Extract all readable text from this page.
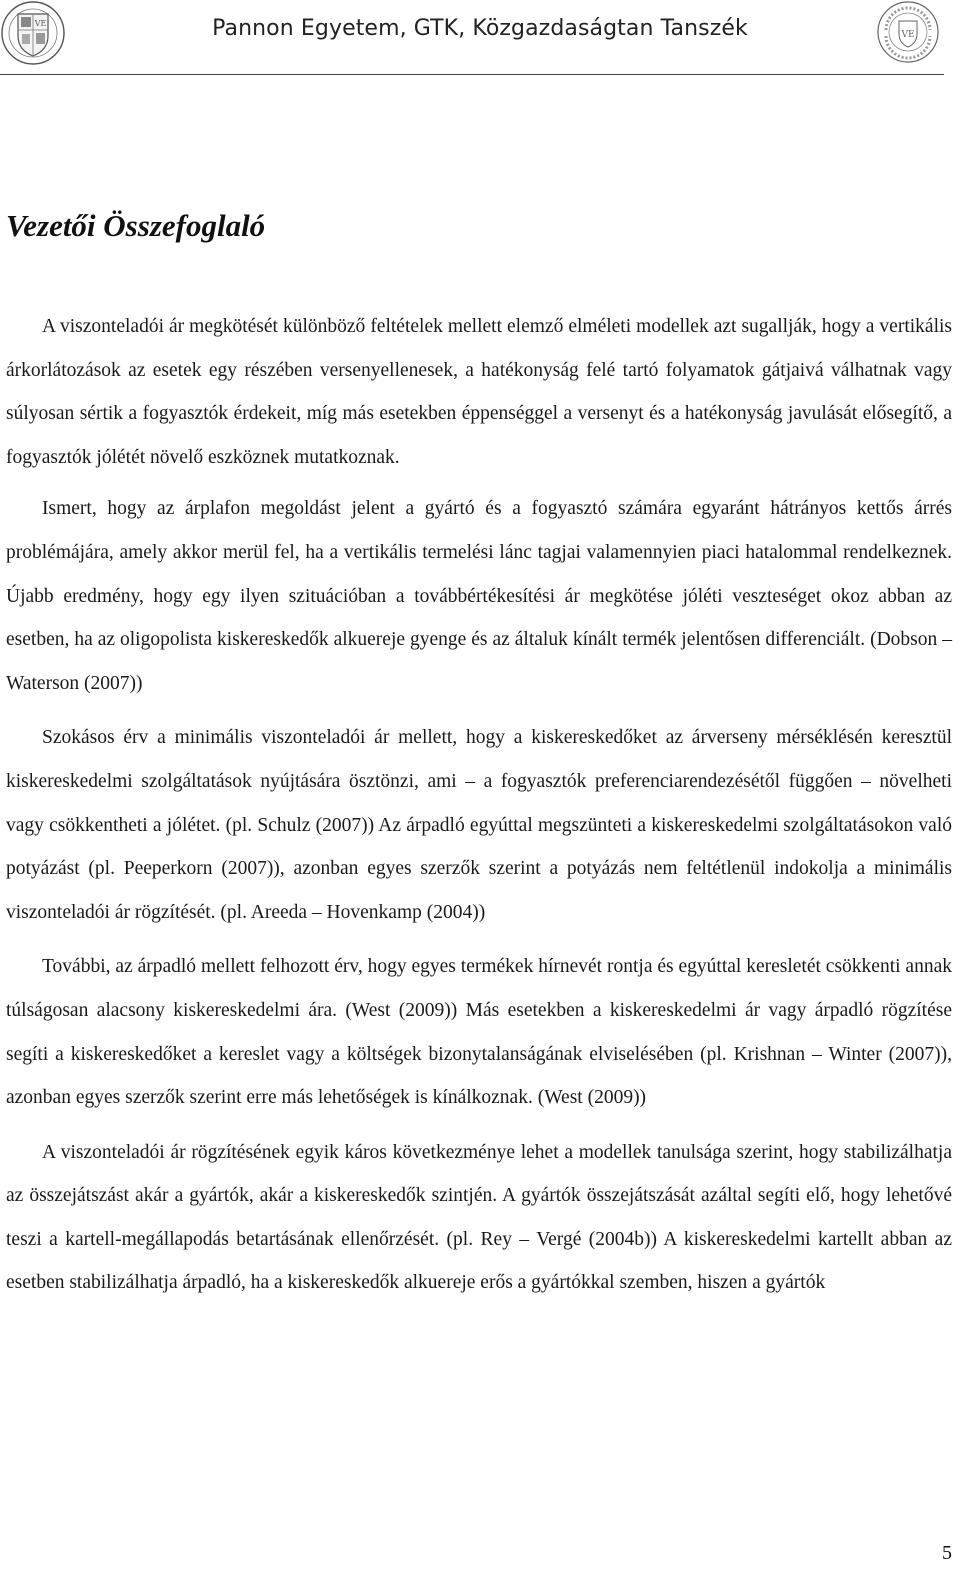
VE	Pannon Egyetem, GTK, Közgazdaságtan Tanszék	VE
Vezetői Összefoglaló

A viszonteladói ár megkötését különböző feltételek mellett elemző elméleti modellek azt sugallják, hogy a vertikális árkorlátozások az esetek egy részében versenyellenesek, a hatékonyság felé tartó folyamatok gátjaivá válhatnak vagy súlyosan sértik a fogyasztók érdekeit, míg más esetekben éppenséggel a versenyt és a hatékonyság javulását elősegítő, a fogyasztók jólétét növelő eszköznek mutatkoznak.

Ismert, hogy az árplafon megoldást jelent a gyártó és a fogyasztó számára egyaránt hátrányos kettős árrés problémájára, amely akkor merül fel, ha a vertikális termelési lánc tagjai valamennyien piaci hatalommal rendelkeznek. Újabb eredmény, hogy egy ilyen szituációban a továbbértékesítési ár megkötése jóléti veszteséget okoz abban az esetben, ha az oligopolista kiskereskedők alkuereje gyenge és az általuk kínált termék jelentősen differenciált. (Dobson – Waterson (2007))

Szokásos érv a minimális viszonteladói ár mellett, hogy a kiskereskedőket az árverseny mérséklésén keresztül kiskereskedelmi szolgáltatások nyújtására ösztönzi, ami – a fogyasztók preferenciarendezésétől függően – növelheti vagy csökkentheti a jólétet. (pl. Schulz (2007)) Az árpadló egyúttal megszünteti a kiskereskedelmi szolgáltatásokon való potyázást (pl. Peeperkorn (2007)), azonban egyes szerzők szerint a potyázás nem feltétlenül indokolja a minimális viszonteladói ár rögzítését. (pl. Areeda – Hovenkamp (2004))

További, az árpadló mellett felhozott érv, hogy egyes termékek hírnevét rontja és egyúttal keresletét csökkenti annak túlságosan alacsony kiskereskedelmi ára. (West (2009)) Más esetekben a kiskereskedelmi ár vagy árpadló rögzítése segíti a kiskereskedőket a kereslet vagy a költségek bizonytalanságának elviselésében (pl. Krishnan – Winter (2007)), azonban egyes szerzők szerint erre más lehetőségek is kínálkoznak. (West (2009))

A viszonteladói ár rögzítésének egyik káros következménye lehet a modellek tanulsága szerint, hogy stabilizálhatja az összejátszást akár a gyártók, akár a kiskereskedők szintjén. A gyártók összejátszását azáltal segíti elő, hogy lehetővé teszi a kartell-megállapodás betartásának ellenőrzését. (pl. Rey – Vergé (2004b)) A kiskereskedelmi kartellt abban az esetben stabilizálhatja árpadló, ha a kiskereskedők alkuereje erős a gyártókkal szemben, hiszen a gyártók

5
